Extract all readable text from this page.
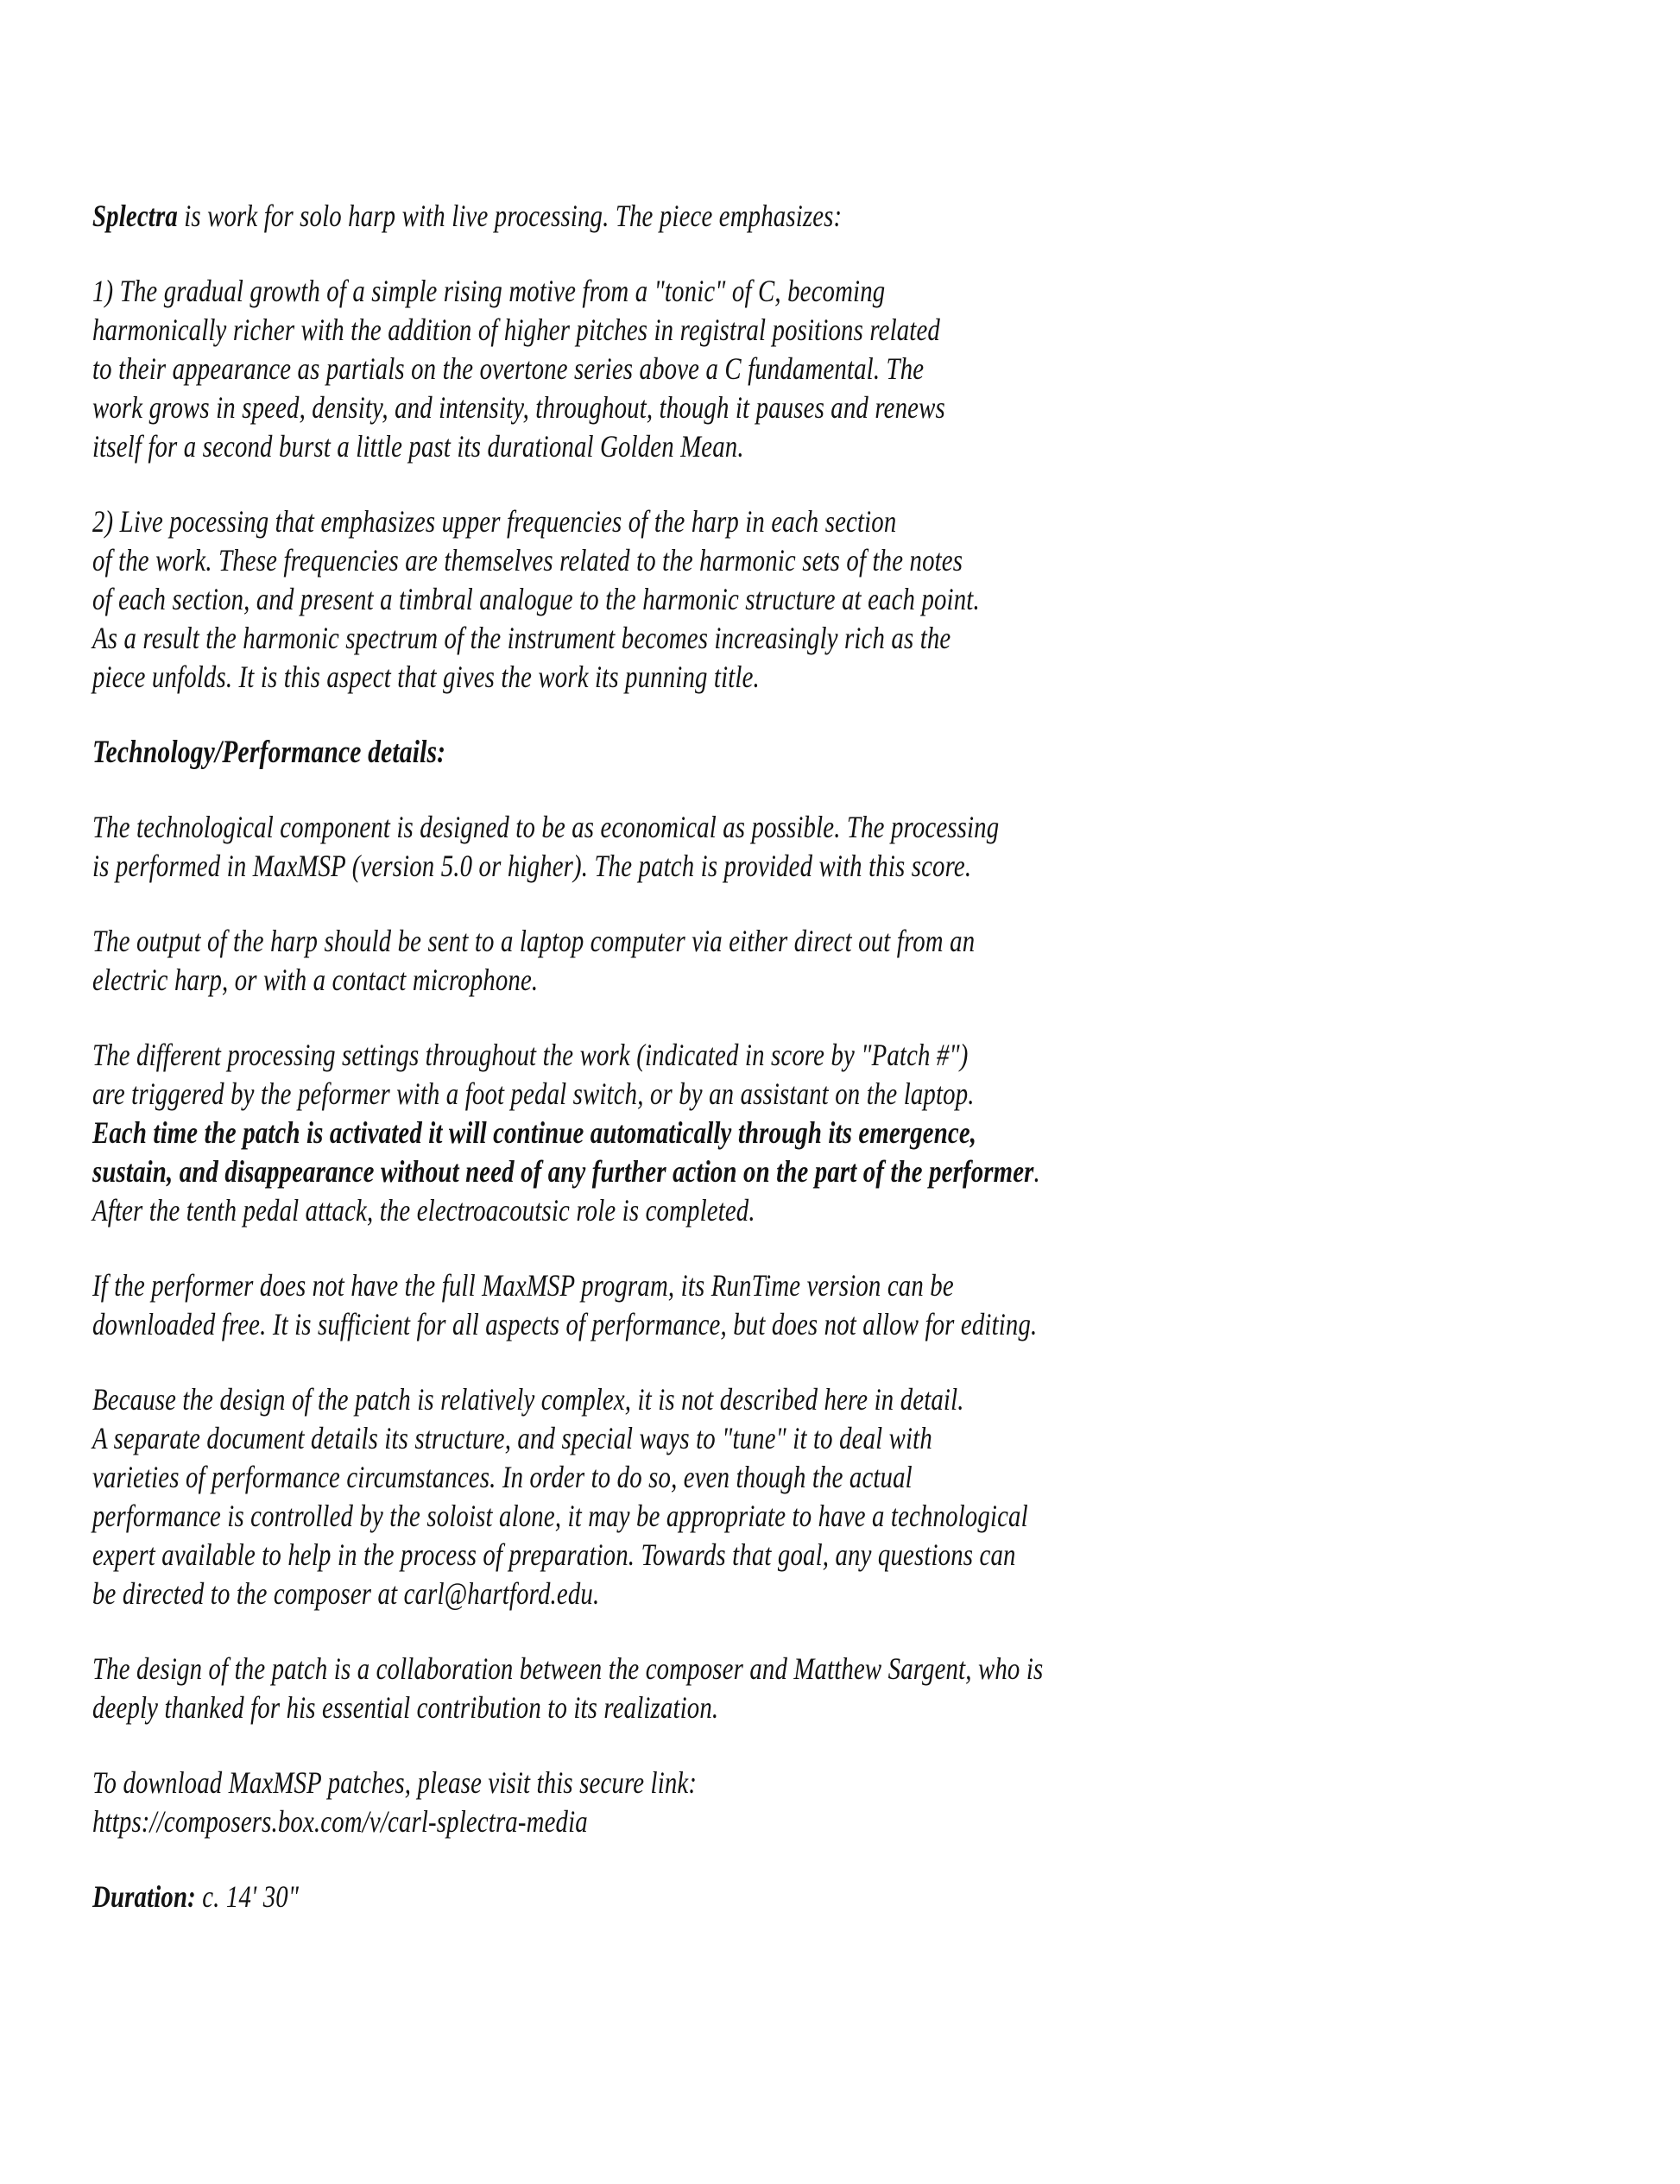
Splectra is work for solo harp with live processing. The piece emphasizes:
1) The gradual growth of a simple rising motive from a "tonic" of C, becoming
harmonically richer with the addition of higher pitches in registral positions related
to their appearance as partials on the overtone series above a C fundamental. The
work grows in speed, density, and intensity, throughout, though it pauses and renews
itself for a second burst a little past its durational Golden Mean.
2) Live pocessing that emphasizes upper frequencies of the harp in each section
of the work. These frequencies are themselves related to the harmonic sets of the notes
of each section, and present a timbral analogue to the harmonic structure at each point.
As a result the harmonic spectrum of the instrument becomes increasingly rich as the
piece unfolds. It is this aspect that gives the work its punning title.
Technology/Performance details:
The technological component is designed to be as economical as possible. The processing
is performed in MaxMSP (version 5.0 or higher). The patch is provided with this score.
The output of the harp should be sent to a laptop computer via either direct out from an
electric harp, or with a contact microphone.
The different processing settings throughout the work (indicated in score by "Patch #")
are triggered by the peformer with a foot pedal switch, or by an assistant on the laptop.
Each time the patch is activated it will continue automatically through its emergence,
sustain, and disappearance without need of any further action on the part of the performer.
After the tenth pedal attack, the electroacoutsic role is completed.
If the performer does not have the full MaxMSP program, its RunTime version can be
downloaded free. It is sufficient for all aspects of performance, but does not allow for editing.
Because the design of the patch is relatively complex, it is not described here in detail.
A separate document details its structure, and special ways to "tune" it to deal with
varieties of performance circumstances. In order to do so, even though the actual
performance is controlled by the soloist alone, it may be appropriate to have a technological
expert available to help in the process of preparation. Towards that goal, any questions can
be directed to the composer at carl@hartford.edu.
The design of the patch is a collaboration between the composer and Matthew Sargent, who is
deeply thanked for his essential contribution to its realization.
To download MaxMSP patches, please visit this secure link:
https://composers.box.com/v/carl-splectra-media
Duration: c. 14' 30"
